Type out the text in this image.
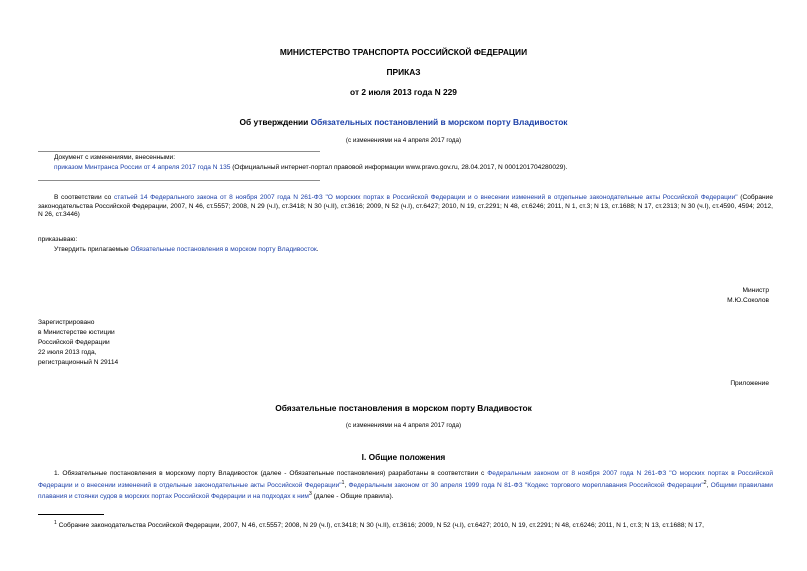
МИНИСТЕРСТВО ТРАНСПОРТА РОССИЙСКОЙ ФЕДЕРАЦИИ
ПРИКАЗ
от 2 июля 2013 года N 229
Об утверждении Обязательных постановлений в морском порту Владивосток
(с изменениями на 4 апреля 2017 года)
Документ с изменениями, внесенными:
приказом Минтранса России от 4 апреля 2017 года N 135 (Официальный интернет-портал правовой информации www.pravo.gov.ru, 28.04.2017, N 0001201704280029).
В соответствии со статьей 14 Федерального закона от 8 ноября 2007 года N 261-ФЗ "О морских портах в Российской Федерации и о внесении изменений в отдельные законодательные акты Российской Федерации" (Собрание законодательства Российской Федерации, 2007, N 46, ст.5557; 2008, N 29 (ч.I), ст.3418; N 30 (ч.II), ст.3616; 2009, N 52 (ч.I), ст.6427; 2010, N 19, ст.2291; N 48, ст.6246; 2011, N 1, ст.3; N 13, ст.1688; N 17, ст.2313; N 30 (ч.I), ст.4590, 4594; 2012, N 26, ст.3446)
приказываю:
Утвердить прилагаемые Обязательные постановления в морском порту Владивосток.
Министр
М.Ю.Соколов
Зарегистрировано
в Министерстве юстиции
Российской Федерации
22 июля 2013 года,
регистрационный N 29114
Приложение
Обязательные постановления в морском порту Владивосток
(с изменениями на 4 апреля 2017 года)
I. Общие положения
1. Обязательные постановления в морскому порту Владивосток (далее - Обязательные постановления) разработаны в соответствии с Федеральным законом от 8 ноября 2007 года N 261-ФЗ "О морских портах в Российской Федерации и о внесении изменений в отдельные законодательные акты Российской Федерации"$^1$, Федеральным законом от 30 апреля 1999 года N 81-ФЗ "Кодекс торгового мореплавания Российской Федерации"$^2$, Общими правилами плавания и стоянки судов в морских портах Российской Федерации и на подходах к ним$^3$ (далее - Общие правила).
$^1$ Собрание законодательства Российской Федерации, 2007, N 46, ст.5557; 2008, N 29 (ч.I), ст.3418; N 30 (ч.II), ст.3616; 2009, N 52 (ч.I), ст.6427; 2010, N 19, ст.2291; N 48, ст.6246; 2011, N 1, ст.3; N 13, ст.1688; N 17,
